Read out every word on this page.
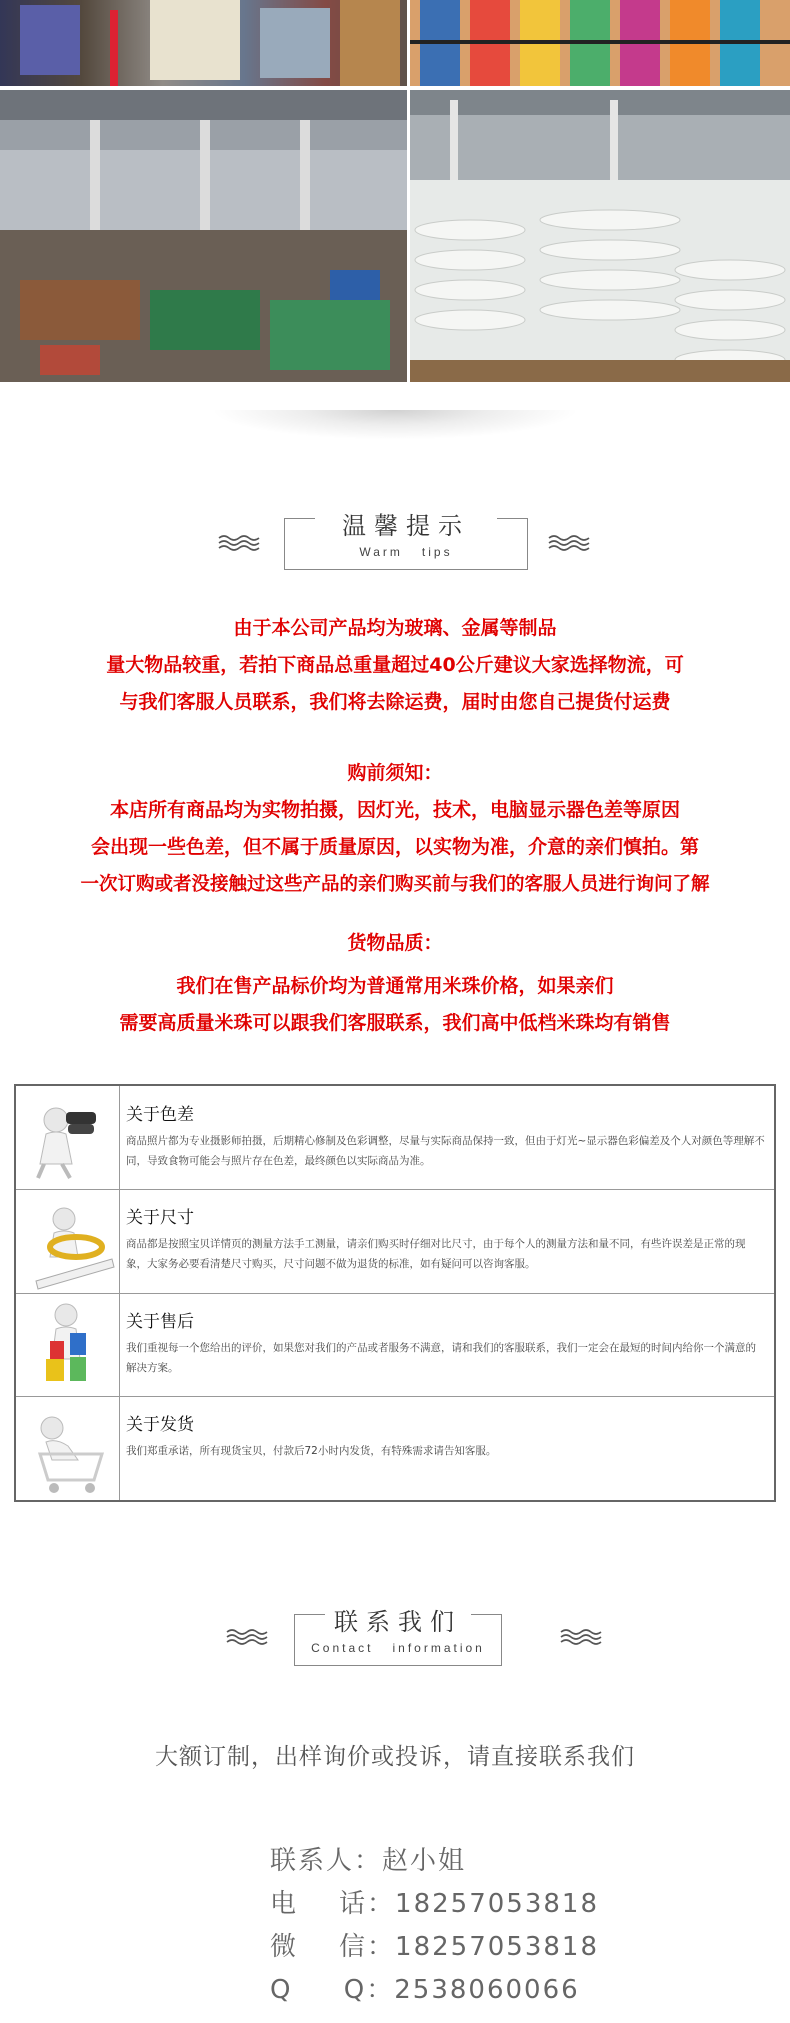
温馨提示
Warm   tips
由于本公司产品均为玻璃、金属等制品
量大物品较重，若拍下商品总重量超过40公斤建议大家选择物流，可
与我们客服人员联系，我们将去除运费，届时由您自己提货付运费
购前须知：
本店所有商品均为实物拍摄，因灯光，技术，电脑显示器色差等原因
会出现一些色差，但不属于质量原因，以实物为准，介意的亲们慎拍。第
一次订购或者没接触过这些产品的亲们购买前与我们的客服人员进行询问了解
货物品质：
我们在售产品标价均为普通常用米珠价格，如果亲们
需要高质量米珠可以跟我们客服联系，我们高中低档米珠均有销售
关于色差
商品照片都为专业摄影师拍摄，后期精心修制及色彩调整，尽量与实际商品保持一致，但由于灯光~显示器色彩偏差及个人对颜色等理解不同，导致食物可能会与照片存在色差，最终颜色以实际商品为准。
关于尺寸
商品都是按照宝贝详情页的测量方法手工测量，请亲们购买时仔细对比尺寸，由于每个人的测量方法和量不同，有些许误差是正常的现象，大家务必要看清楚尺寸购买，尺寸问题不做为退货的标准，如有疑问可以咨询客服。
关于售后
我们重视每一个您给出的评价，如果您对我们的产品或者服务不满意，请和我们的客服联系，我们一定会在最短的时间内给你一个满意的解决方案。
关于发货
我们郑重承诺，所有现货宝贝，付款后72小时内发货，有特殊需求请告知客服。
联系我们
Contact   information
大额订制，出样询价或投诉，请直接联系我们
联系人：赵小姐
电    话：18257053818
微    信：18257053818
Q     Q：2538060066
